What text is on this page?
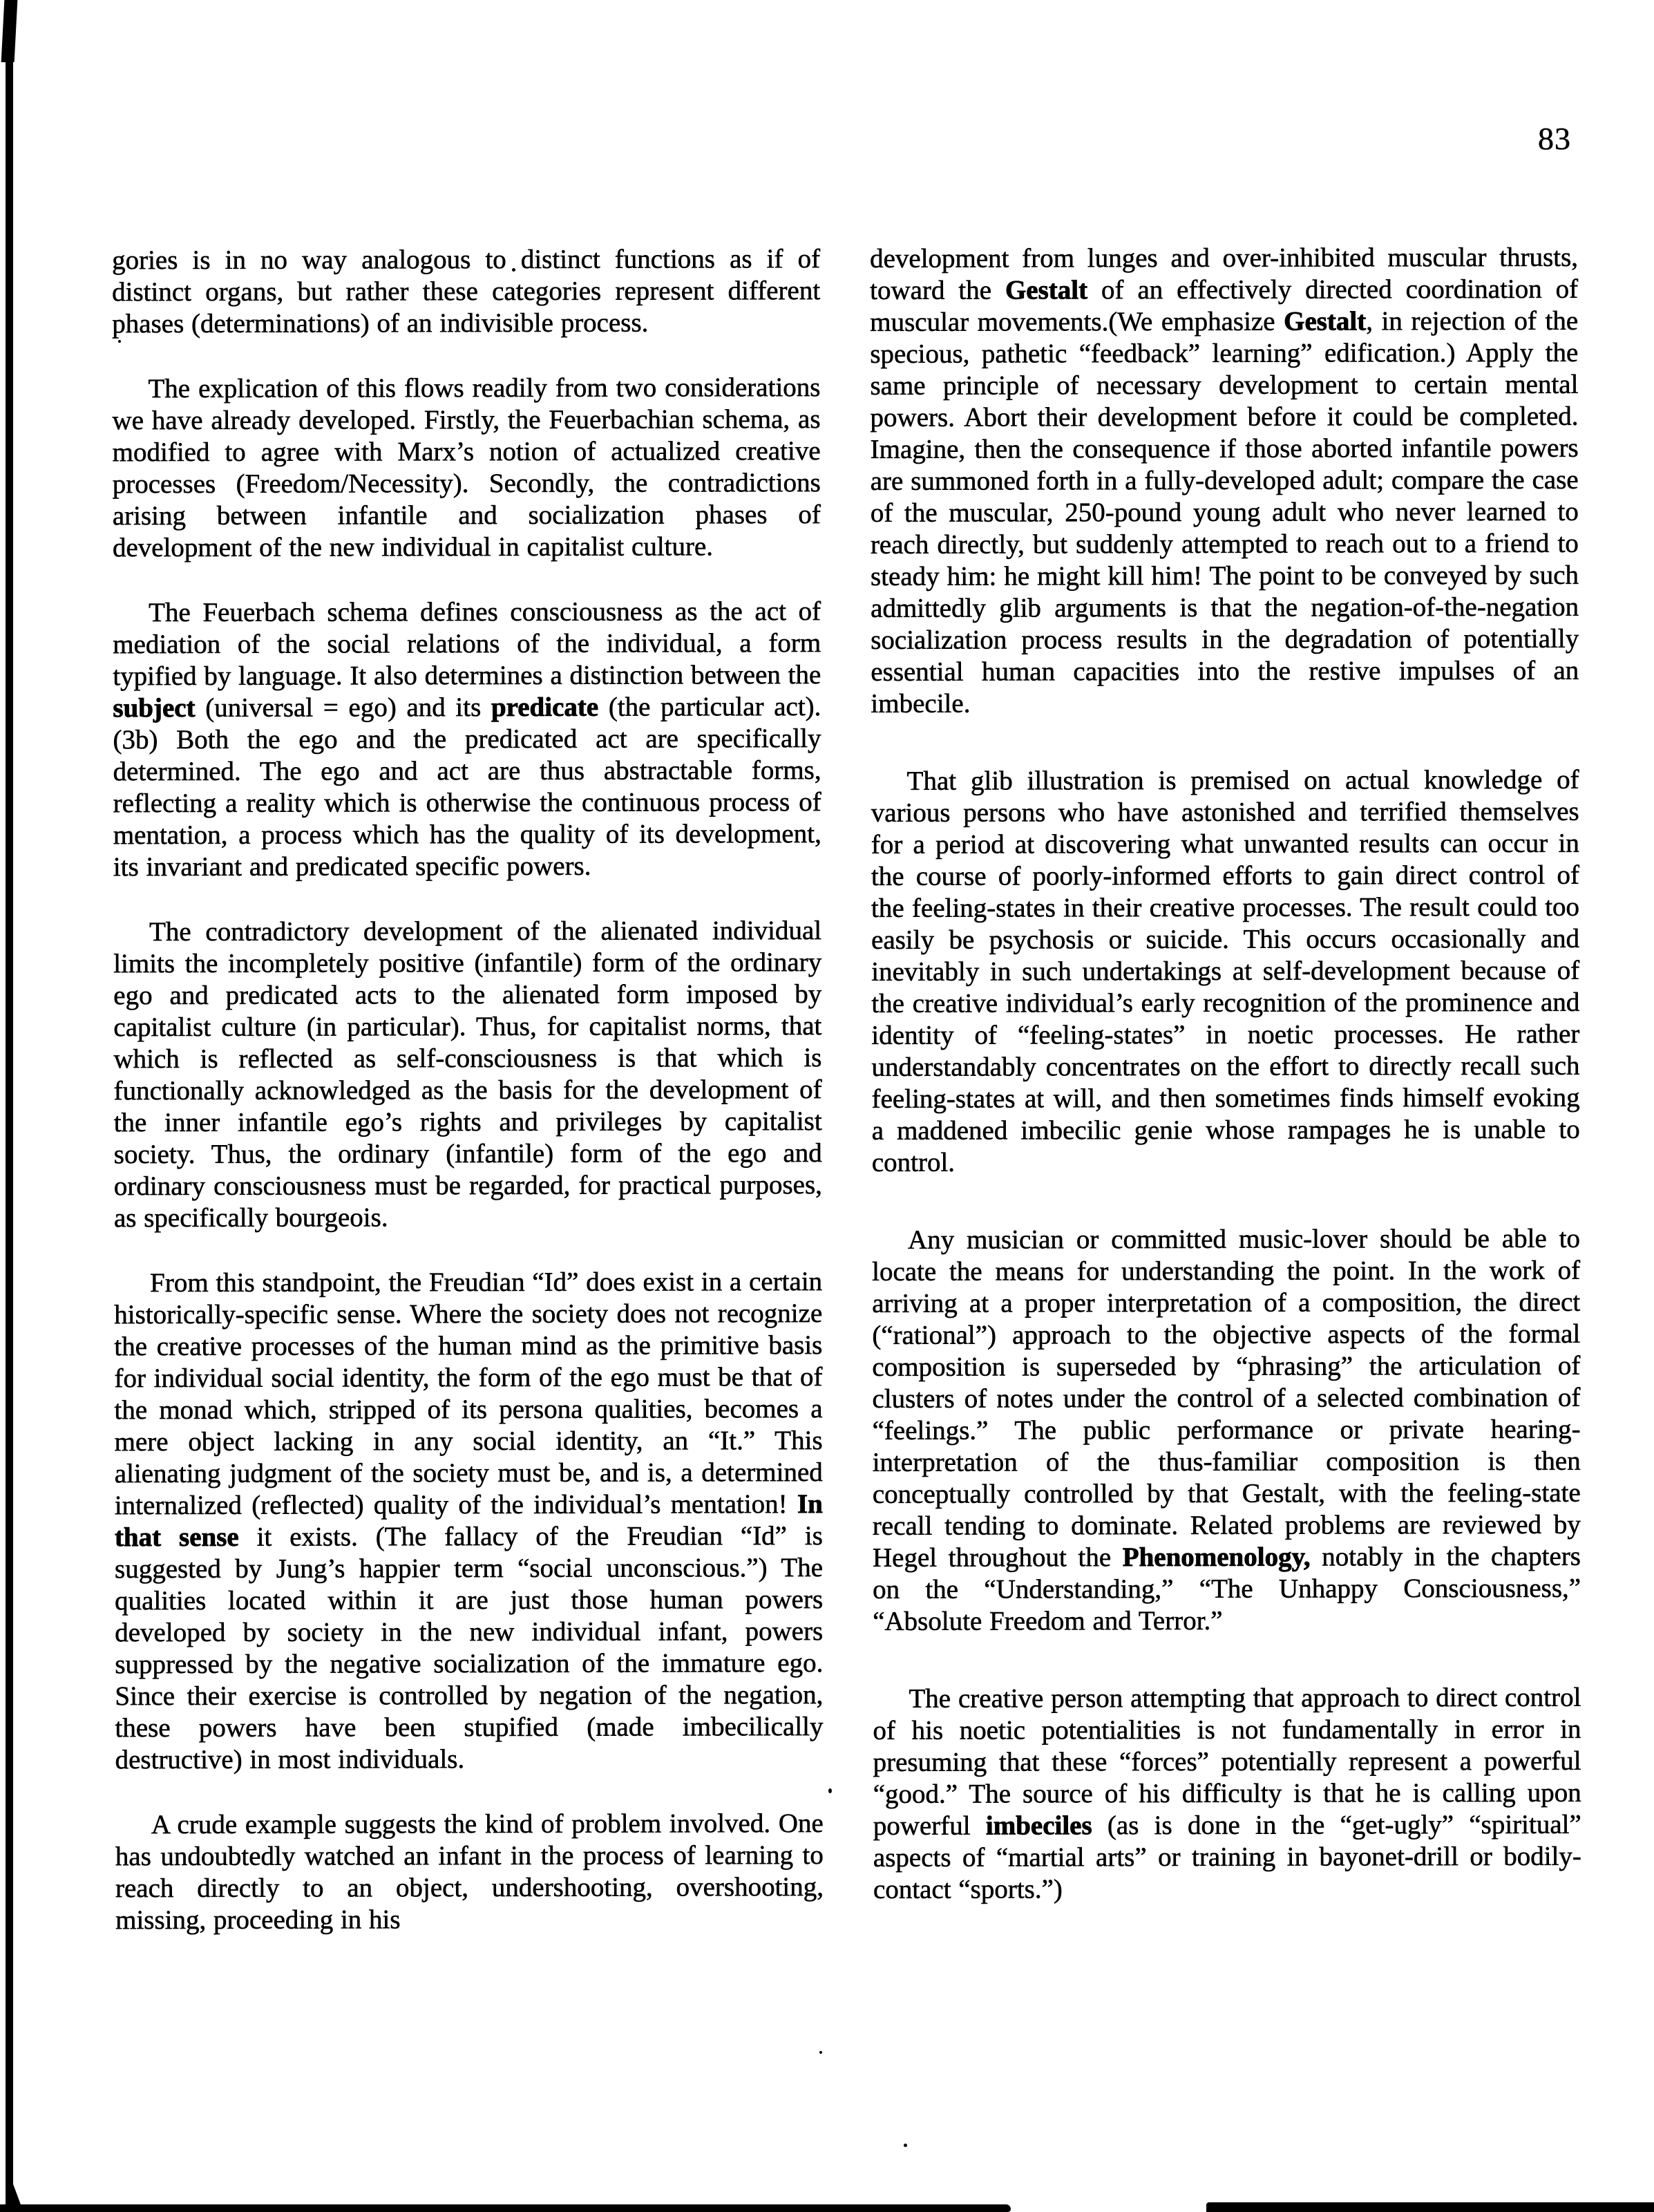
83

gories is in no way analogous to distinct functions as if of distinct organs, but rather these categories represent different phases (determinations) of an indivisible process.

The explication of this flows readily from two considerations we have already developed. Firstly, the Feuerbachian schema, as modified to agree with Marx’s notion of actualized creative processes (Freedom/Necessity). Secondly, the contradictions arising between infantile and socialization phases of development of the new individual in capitalist culture.

The Feuerbach schema defines consciousness as the act of mediation of the social relations of the individual, a form typified by language. It also determines a distinction between the subject (universal = ego) and its predicate (the particular act).(3b) Both the ego and the predicated act are specifically determined. The ego and act are thus abstractable forms, reflecting a reality which is otherwise the continuous process of mentation, a process which has the quality of its development, its invariant and predicated specific powers.

The contradictory development of the alienated individual limits the incompletely positive (infantile) form of the ordinary ego and predicated acts to the alienated form imposed by capitalist culture (in particular). Thus, for capitalist norms, that which is reflected as self-consciousness is that which is functionally acknowledged as the basis for the development of the inner infantile ego’s rights and privileges by capitalist society. Thus, the ordinary (infantile) form of the ego and ordinary consciousness must be regarded, for practical purposes, as specifically bourgeois.

From this standpoint, the Freudian “Id” does exist in a certain historically-specific sense. Where the society does not recognize the creative processes of the human mind as the primitive basis for individual social identity, the form of the ego must be that of the monad which, stripped of its persona qualities, becomes a mere object lacking in any social identity, an “It.” This alienating judgment of the society must be, and is, a determined internalized (reflected) quality of the individual’s mentation! In that sense it exists. (The fallacy of the Freudian “Id” is suggested by Jung’s happier term “social unconscious.”) The qualities located within it are just those human powers developed by society in the new individual infant, powers suppressed by the negative socialization of the immature ego. Since their exercise is controlled by negation of the negation, these powers have been stupified (made imbecilically destructive) in most individuals.

A crude example suggests the kind of problem involved. One has undoubtedly watched an infant in the process of learning to reach directly to an object, undershooting, overshooting, missing, proceeding in his

development from lunges and over-inhibited muscular thrusts, toward the Gestalt of an effectively directed coordination of muscular movements.(We emphasize Gestalt, in rejection of the specious, pathetic “feedback” learning” edification.) Apply the same principle of necessary development to certain mental powers. Abort their development before it could be completed. Imagine, then the consequence if those aborted infantile powers are summoned forth in a fully-developed adult; compare the case of the muscular, 250-pound young adult who never learned to reach directly, but suddenly attempted to reach out to a friend to steady him: he might kill him! The point to be conveyed by such admittedly glib arguments is that the negation-of-the-negation socialization process results in the degradation of potentially essential human capacities into the restive impulses of an imbecile.

That glib illustration is premised on actual knowledge of various persons who have astonished and terrified themselves for a period at discovering what unwanted results can occur in the course of poorly-informed efforts to gain direct control of the feeling-states in their creative processes. The result could too easily be psychosis or suicide. This occurs occasionally and inevitably in such undertakings at self-development because of the creative individual’s early recognition of the prominence and identity of “feeling-states” in noetic processes. He rather understandably concentrates on the effort to directly recall such feeling-states at will, and then sometimes finds himself evoking a maddened imbecilic genie whose rampages he is unable to control.

Any musician or committed music-lover should be able to locate the means for understanding the point. In the work of arriving at a proper interpretation of a composition, the direct (“rational”) approach to the objective aspects of the formal composition is superseded by “phrasing” the articulation of clusters of notes under the control of a selected combination of “feelings.” The public performance or private hearing-interpretation of the thus-familiar composition is then conceptually controlled by that Gestalt, with the feeling-state recall tending to dominate. Related problems are reviewed by Hegel throughout the Phenomenology, notably in the chapters on the “Understanding,” “The Unhappy Consciousness,” “Absolute Freedom and Terror.”

The creative person attempting that approach to direct control of his noetic potentialities is not fundamentally in error in presuming that these “forces” potentially represent a powerful “good.” The source of his difficulty is that he is calling upon powerful imbeciles (as is done in the “get-ugly” “spiritual” aspects of “martial arts” or training in bayonet-drill or bodily-contact “sports.”)
